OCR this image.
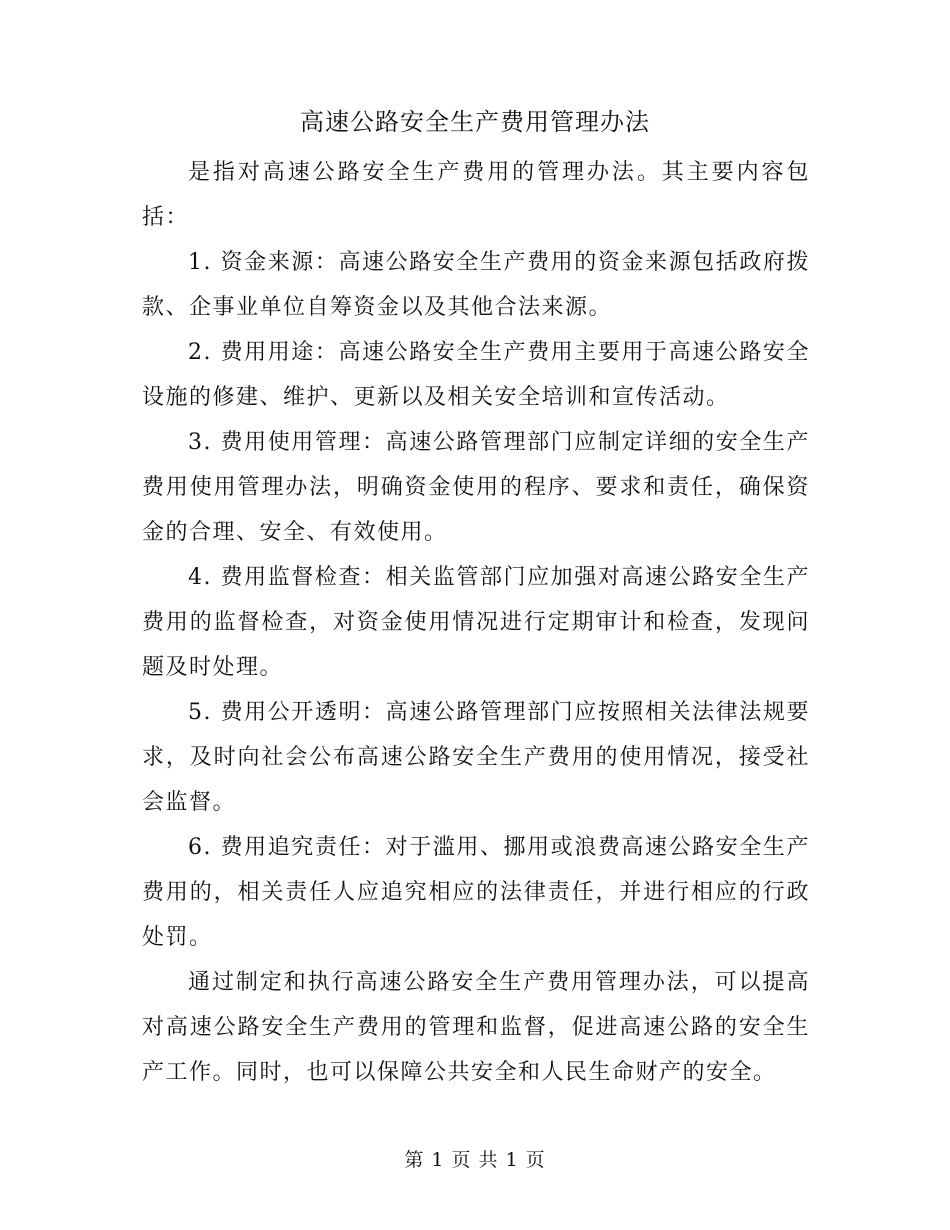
高速公路安全生产费用管理办法

是指对高速公路安全生产费用的管理办法。其主要内容包括：

1. 资金来源：高速公路安全生产费用的资金来源包括政府拨款、企事业单位自筹资金以及其他合法来源。

2. 费用用途：高速公路安全生产费用主要用于高速公路安全设施的修建、维护、更新以及相关安全培训和宣传活动。

3. 费用使用管理：高速公路管理部门应制定详细的安全生产费用使用管理办法，明确资金使用的程序、要求和责任，确保资金的合理、安全、有效使用。

4. 费用监督检查：相关监管部门应加强对高速公路安全生产费用的监督检查，对资金使用情况进行定期审计和检查，发现问题及时处理。

5. 费用公开透明：高速公路管理部门应按照相关法律法规要求，及时向社会公布高速公路安全生产费用的使用情况，接受社会监督。

6. 费用追究责任：对于滥用、挪用或浪费高速公路安全生产费用的，相关责任人应追究相应的法律责任，并进行相应的行政处罚。

通过制定和执行高速公路安全生产费用管理办法，可以提高对高速公路安全生产费用的管理和监督，促进高速公路的安全生产工作。同时，也可以保障公共安全和人民生命财产的安全。

第 1 页 共 1 页
